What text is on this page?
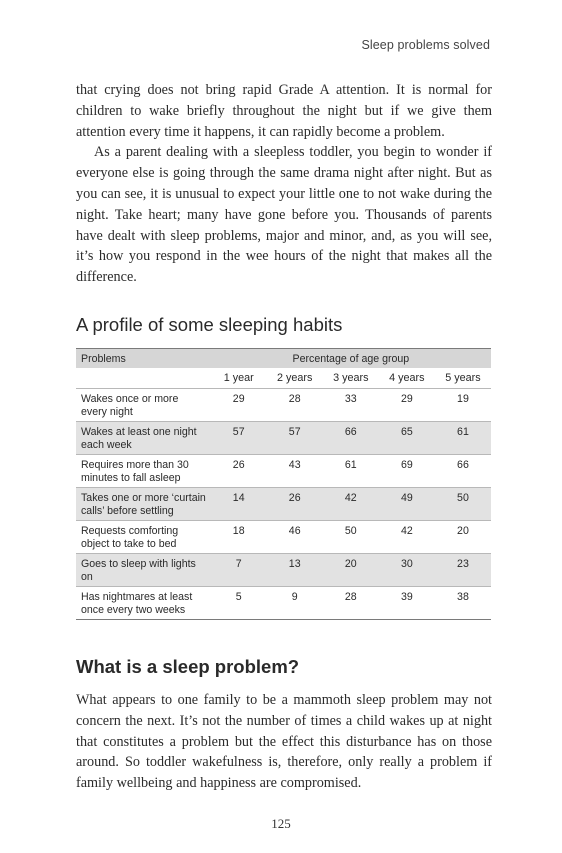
Sleep problems solved

that crying does not bring rapid Grade A attention. It is normal for children to wake briefly throughout the night but if we give them attention every time it happens, it can rapidly become a problem.

As a parent dealing with a sleepless toddler, you begin to wonder if everyone else is going through the same drama night after night. But as you can see, it is unusual to expect your little one to not wake during the night. Take heart; many have gone before you. Thousands of parents have dealt with sleep problems, major and minor, and, as you will see, it’s how you respond in the wee hours of the night that makes all the difference.

A profile of some sleeping habits
Problems	Percentage of age group				
	1 year	2 years	3 years	4 years	5 years
Wakes once or more every night	29	28	33	29	19
Wakes at least one night each week	57	57	66	65	61
Requires more than 30 minutes to fall asleep	26	43	61	69	66
Takes one or more ‘curtain calls’ before settling	14	26	42	49	50
Requests comforting object to take to bed	18	46	50	42	20
Goes to sleep with lights on	7	13	20	30	23
Has nightmares at least once every two weeks	5	9	28	39	38
What is a sleep problem?

What appears to one family to be a mammoth sleep problem may not concern the next. It’s not the number of times a child wakes up at night that constitutes a problem but the effect this disturbance has on those around. So toddler wakefulness is, therefore, only really a problem if family wellbeing and happiness are compromised.

125
